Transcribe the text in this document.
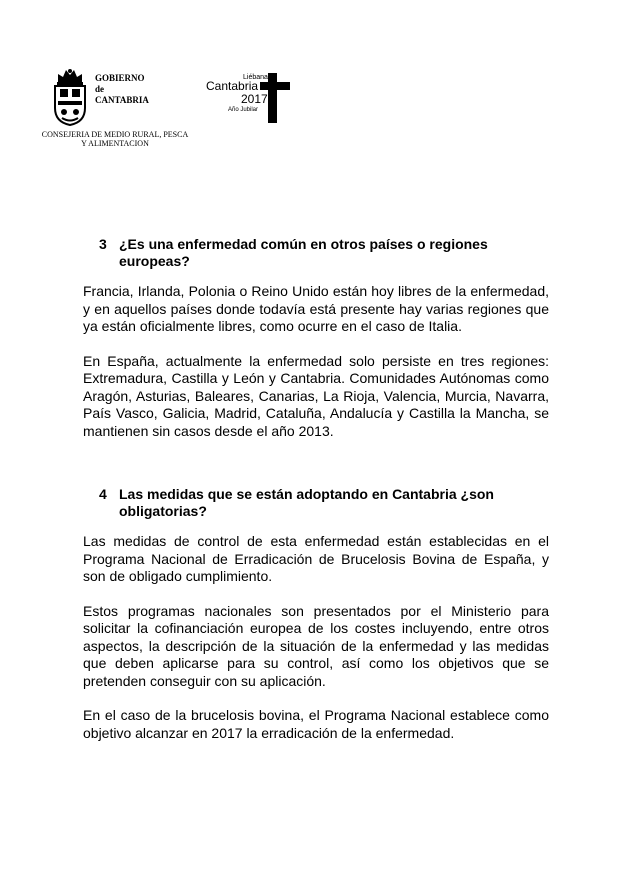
GOBIERNO
de
CANTABRIA
CONSEJERIA DE MEDIO RURAL, PESCA
Y ALIMENTACION
Liébana
Cantabria
2017
Año Jubilar
3 ¿Es una enfermedad común en otros países o regiones europeas?

Francia, Irlanda, Polonia o Reino Unido están hoy libres de la enfermedad, y en aquellos países donde todavía está presente hay varias regiones que ya están oficialmente libres, como ocurre en el caso de Italia.

En España, actualmente la enfermedad solo persiste en tres regiones: Extremadura, Castilla y León y Cantabria. Comunidades Autónomas como Aragón, Asturias, Baleares, Canarias, La Rioja, Valencia, Murcia, Navarra, País Vasco, Galicia, Madrid, Cataluña, Andalucía y Castilla la Mancha, se mantienen sin casos desde el año 2013.

4 Las medidas que se están adoptando en Cantabria ¿son obligatorias?

Las medidas de control de esta enfermedad están establecidas en el Programa Nacional de Erradicación de Brucelosis Bovina de España, y son de obligado cumplimiento.

Estos programas nacionales son presentados por el Ministerio para solicitar la cofinanciación europea de los costes incluyendo, entre otros aspectos, la descripción de la situación de la enfermedad y las medidas que deben aplicarse para su control, así como los objetivos que se pretenden conseguir con su aplicación.

En el caso de la brucelosis bovina, el Programa Nacional establece como objetivo alcanzar en 2017 la erradicación de la enfermedad.
